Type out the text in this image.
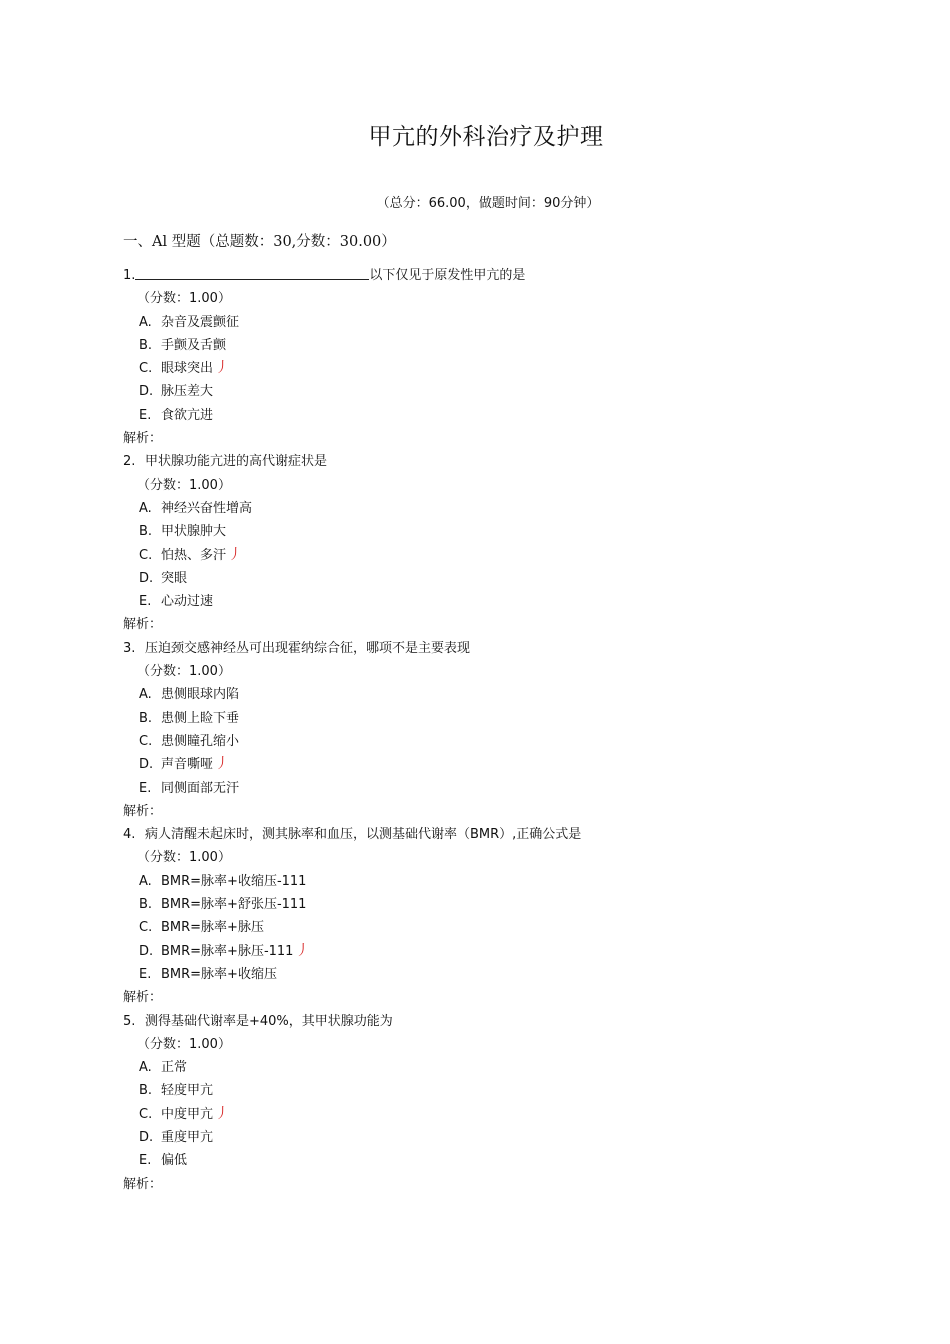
甲亢的外科治疗及护理
（总分：66.00，做题时间：90分钟）
一、Al 型题（总题数：30,分数：30.00）
1.	以下仅见于原发性甲亢的是
（分数：1.00）
A. 杂音及震颤征
B. 手颤及舌颤
C. 眼球突出 丿
D. 脉压差大
E. 食欲亢进
解析：
2. 甲状腺功能亢进的高代谢症状是
（分数：1.00）
A. 神经兴奋性增高
B. 甲状腺肿大
C. 怕热、多汗 丿
D. 突眼
E. 心动过速
解析：
3. 压迫颈交感神经丛可出现霍纳综合征，哪项不是主要表现
（分数：1.00）
A. 患侧眼球内陷
B. 患侧上睑下垂
C. 患侧瞳孔缩小
D. 声音嘶哑 丿
E. 同侧面部无汗
解析：
4. 病人清醒未起床时，测其脉率和血压，以测基础代谢率（BMR）,正确公式是
（分数：1.00）
A. BMR=脉率+收缩压-111
B. BMR=脉率+舒张压-111
C. BMR=脉率+脉压
D. BMR=脉率+脉压-111 丿
E. BMR=脉率+收缩压
解析：
5. 测得基础代谢率是+40%，其甲状腺功能为
（分数：1.00）
A. 正常
B. 轻度甲亢
C. 中度甲亢 丿
D. 重度甲亢
E. 偏低
解析：
